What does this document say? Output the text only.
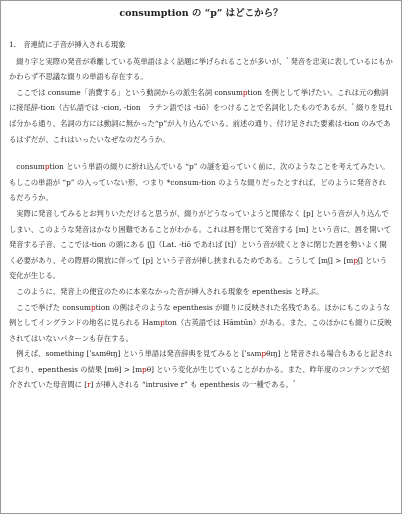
consumption の “p” はどこから？
1.　音連続に子音が挿入される現象

綴り字と実際の発音が乖離している英単語はよく話題に挙げられることが多いが、$^{^1}$ 発音を忠実に表しているにもかかわらず不思議な綴りの単語も存在する。

ここでは consume「消費する」という動詞からの派生名詞 consumption を例として挙げたい。これは元の動詞に接尾辞-tion（古仏語では -cion, -tion　ラテン語では -tiō）をつけることで名詞化したものであるが、$^{^2}$ 綴りを見れば分かる通り、名詞の方には動詞に無かった“p”が入り込んでいる。前述の通り、付け足された要素は-tion のみであるはずだが、これはいったいなぜなのだろうか。

consumption という単語の綴りに紛れ込んでいる “p” の謎を追っていく前に、次のようなことを考えてみたい。もしこの単語が “p” の入っていない形、つまり *consum-tion のような綴りだったとすれば、どのように発音されるだろうか。

実際に発音してみるとお判りいただけると思うが、綴りがどうなっていようと関係なく [p] という音が入り込んでしまい、このような発音はかなり困難であることがわかる。これは唇を閉じて発音する [m] という音に、唇を開いて発音する子音、ここでは-tion の頭にある [ʃ]（Lat. -tiō であれば [t]）という音が続くときに閉じた唇を勢いよく開く必要があり、その際唇の開放に伴って [p] という子音が挿し挟まれるためである。こうして [mʃ] > [mpʃ] という変化が生じる。

このように、発音上の便宜のために本来なかった音が挿入される現象を epenthesis と呼ぶ。

ここで挙げた consumption の例はそのような epenthesis が綴りに反映された名残である。ほかにもこのような例としてイングランドの地名に見られる Hampton（古英語では Hāmtūn）がある。また、このほかにも綴りに反映されてはいないパターンも存在する。

例えば、something [ˈsʌmθɪŋ] という単語は発音辞典を見てみると [ˈsʌmpθɪŋ] と発音される場合もあると記されており、epenthesis の結果 [mθ] > [mpθ] という変化が生じていることがわかる。また、昨年度のコンテンツで紹介されていた母音間に [r] が挿入される “intrusive r” も epenthesis の一種である。$^{^3}$
